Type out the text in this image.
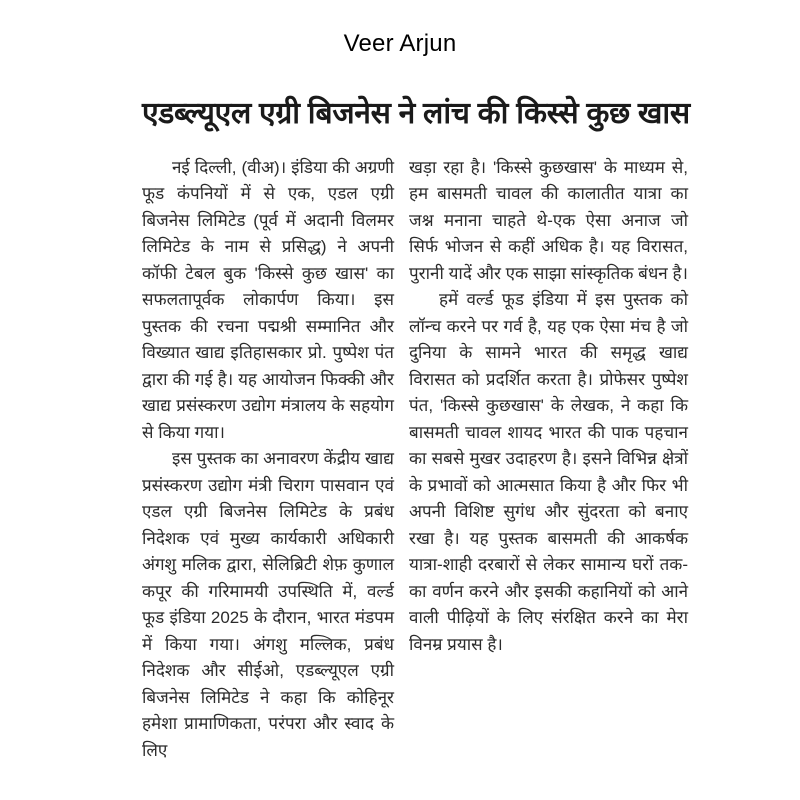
Veer Arjun
एडब्ल्यूएल एग्री बिजनेस ने लांच की किस्से कुछ खास

नई दिल्ली, (वीअ)। इंडिया की अग्रणी फूड कंपनियों में से एक, एडल एग्री बिजनेस लिमिटेड (पूर्व में अदानी विलमर लिमिटेड के नाम से प्रसिद्ध) ने अपनी कॉफी टेबल बुक 'किस्से कुछ खास' का सफलतापूर्वक लोकार्पण किया। इस पुस्तक की रचना पद्मश्री सम्मानित और विख्यात खाद्य इतिहासकार प्रो. पुष्पेश पंत द्वारा की गई है। यह आयोजन फिक्की और खाद्य प्रसंस्करण उद्योग मंत्रालय के सहयोग से किया गया।

इस पुस्तक का अनावरण केंद्रीय खाद्य प्रसंस्करण उद्योग मंत्री चिराग पासवान एवं एडल एग्री बिजनेस लिमिटेड के प्रबंध निदेशक एवं मुख्य कार्यकारी अधिकारी अंगशु मलिक द्वारा, सेलिब्रिटी शेफ़ कुणाल कपूर की गरिमामयी उपस्थिति में, वर्ल्ड फूड इंडिया 2025 के दौरान, भारत मंडपम में किया गया। अंगशु मल्लिक, प्रबंध निदेशक और सीईओ, एडब्ल्यूएल एग्री बिजनेस लिमिटेड ने कहा कि कोहिनूर हमेशा प्रामाणिकता, परंपरा और स्वाद के लिए

खड़ा रहा है। 'किस्से कुछखास' के माध्यम से, हम बासमती चावल की कालातीत यात्रा का जश्न मनाना चाहते थे-एक ऐसा अनाज जो सिर्फ भोजन से कहीं अधिक है। यह विरासत, पुरानी यादें और एक साझा सांस्कृतिक बंधन है।

हमें वर्ल्ड फूड इंडिया में इस पुस्तक को लॉन्च करने पर गर्व है, यह एक ऐसा मंच है जो दुनिया के सामने भारत की समृद्ध खाद्य विरासत को प्रदर्शित करता है। प्रोफेसर पुष्पेश पंत, 'किस्से कुछखास' के लेखक, ने कहा कि बासमती चावल शायद भारत की पाक पहचान का सबसे मुखर उदाहरण है। इसने विभिन्न क्षेत्रों के प्रभावों को आत्मसात किया है और फिर भी अपनी विशिष्ट सुगंध और सुंदरता को बनाए रखा है। यह पुस्तक बासमती की आकर्षक यात्रा-शाही दरबारों से लेकर सामान्य घरों तक-का वर्णन करने और इसकी कहानियों को आने वाली पीढ़ियों के लिए संरक्षित करने का मेरा विनम्र प्रयास है।
